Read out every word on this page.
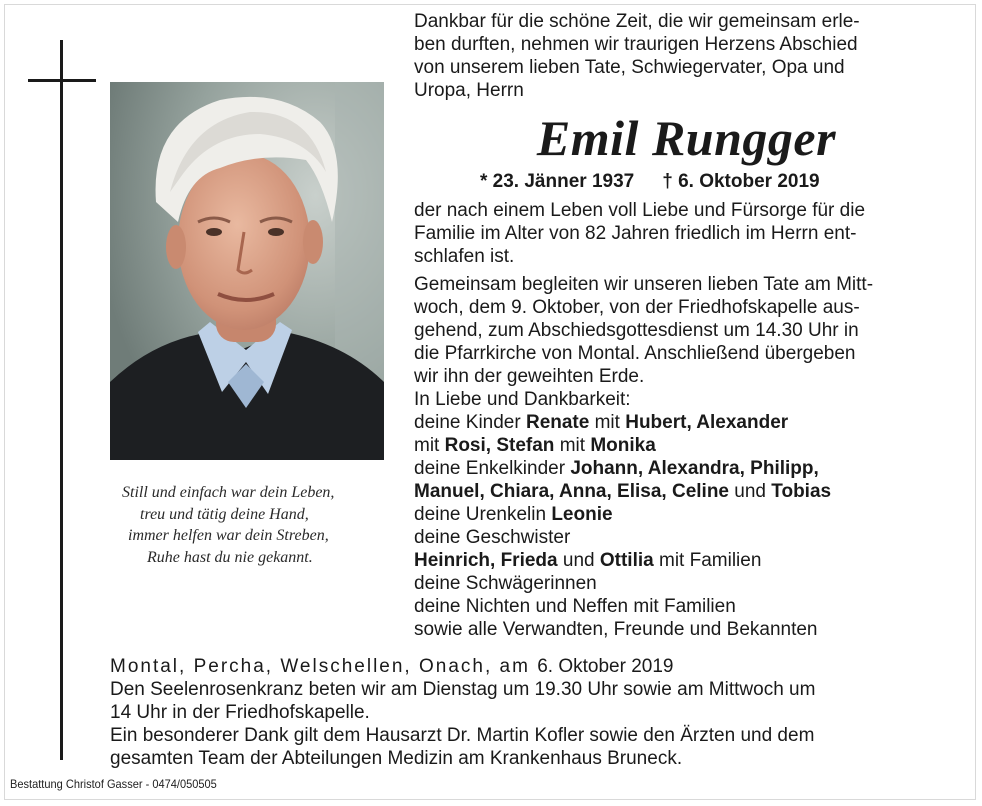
Still und einfach war dein Leben,
treu und tätig deine Hand,
immer helfen war dein Streben,
Ruhe hast du nie gekannt.
Dankbar für die schöne Zeit, die wir gemeinsam erle-
ben durften, nehmen wir traurigen Herzens Abschied
von unserem lieben Tate, Schwiegervater, Opa und
Uropa, Herrn
Emil Rungger
* 23. Jänner 1937 † 6. Oktober 2019
der nach einem Leben voll Liebe und Fürsorge für die
Familie im Alter von 82 Jahren friedlich im Herrn ent-
schlafen ist.
Gemeinsam begleiten wir unseren lieben Tate am Mitt-
woch, dem 9. Oktober, von der Friedhofskapelle aus-
gehend, zum Abschiedsgottesdienst um 14.30 Uhr in
die Pfarrkirche von Montal. Anschließend übergeben
wir ihn der geweihten Erde.
In Liebe und Dankbarkeit:
deine Kinder Renate mit Hubert, Alexander
mit Rosi, Stefan mit Monika
deine Enkelkinder Johann, Alexandra, Philipp,
Manuel, Chiara, Anna, Elisa, Celine und Tobias
deine Urenkelin Leonie
deine Geschwister
Heinrich, Frieda und Ottilia mit Familien
deine Schwägerinnen
deine Nichten und Neffen mit Familien
sowie alle Verwandten, Freunde und Bekannten
Montal, Percha, Welschellen, Onach, am 6. Oktober 2019
Den Seelenrosenkranz beten wir am Dienstag um 19.30 Uhr sowie am Mittwoch um
14 Uhr in der Friedhofskapelle.
Ein besonderer Dank gilt dem Hausarzt Dr. Martin Kofler sowie den Ärzten und dem
gesamten Team der Abteilungen Medizin am Krankenhaus Bruneck.
Bestattung Christof Gasser - 0474/050505
